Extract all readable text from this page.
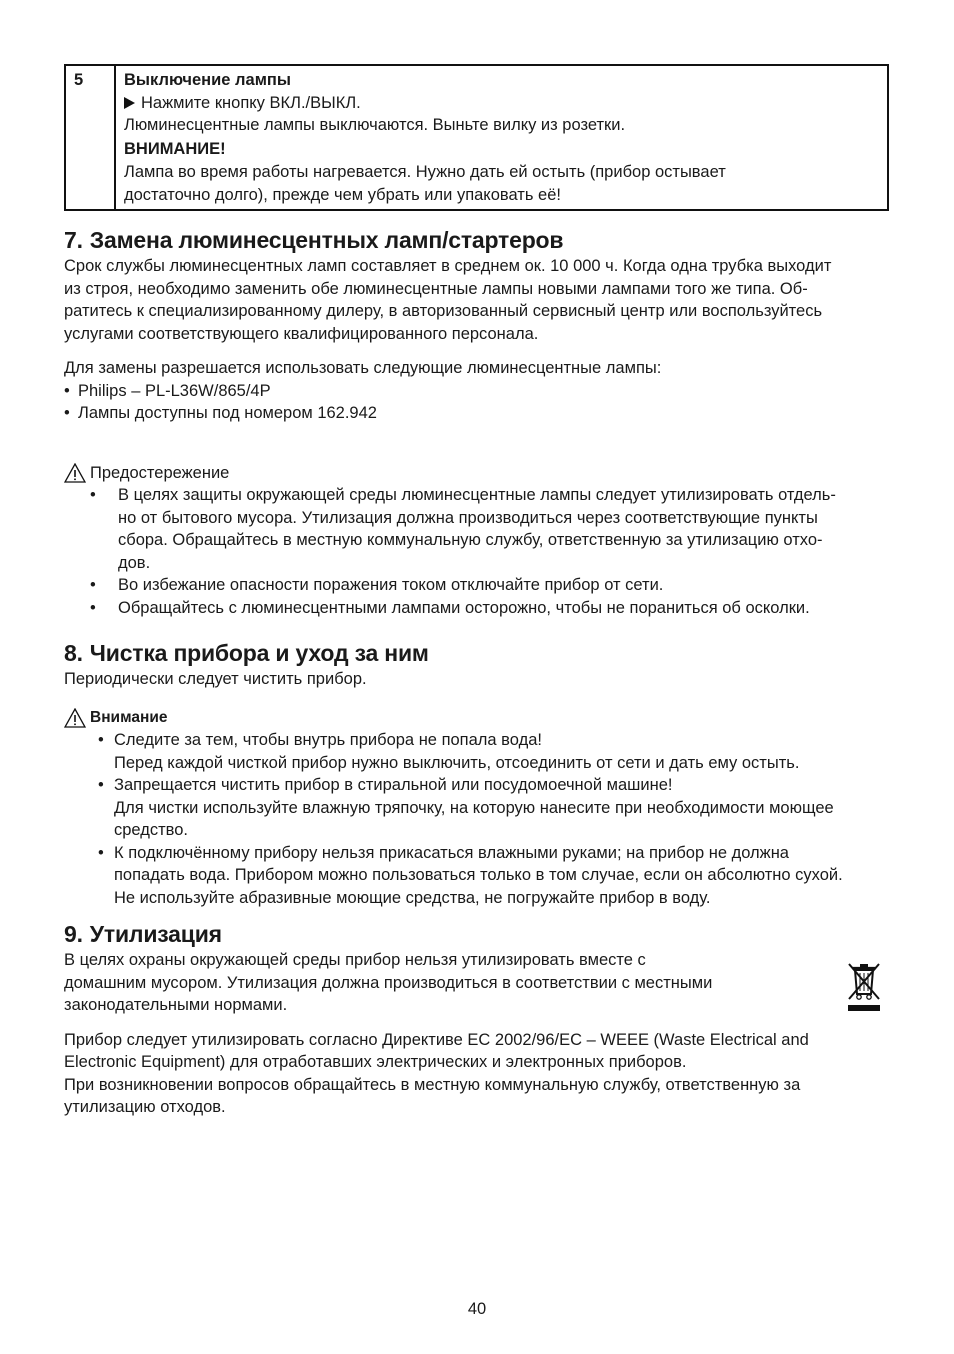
5	Выключение лампы
Нажмите кнопку ВКЛ./ВЫКЛ.
Люминесцентные лампы выключаются. Выньте вилку из розетки.
ВНИМАНИЕ!
Лампа во время работы нагревается. Нужно дать ей остыть (прибор остывает
достаточно долго), прежде чем убрать или упаковать её!
7. Замена люминесцентных ламп/стартеров

Срок службы люминесцентных ламп составляет в среднем ок. 10 000 ч. Когда одна трубка выходит
из строя, необходимо заменить обе люминесцентные лампы новыми лампами того же типа. Об-
ратитесь к специализированному дилеру, в авторизованный сервисный центр или воспользуйтесь
услугами соответствующего квалифицированного персонала.

Для замены разрешается использовать следующие люминесцентные лампы:

• Philips – PL-L36W/865/4P
• Лампы доступны под номером 162.942
Предостережение
• В целях защиты окружающей среды люминесцентные лампы следует утилизировать отдель-
но от бытового мусора. Утилизация должна производиться через соответствующие пункты
сбора. Обращайтесь в местную коммунальную службу, ответственную за утилизацию отхо-
дов.
• Во избежание опасности поражения током отключайте прибор от сети.
• Обращайтесь с люминесцентными лампами осторожно, чтобы не пораниться об осколки.
8. Чистка прибора и уход за ним

Периодически следует чистить прибор.

Внимание
• Следите за тем, чтобы внутрь прибора не попала вода!
Перед каждой чисткой прибор нужно выключить, отсоединить от сети и дать ему остыть.
• Запрещается чистить прибор в стиральной или посудомоечной машине!
Для чистки используйте влажную тряпочку, на которую нанесите при необходимости моющее
средство.
• К подключённому прибору нельзя прикасаться влажными руками; на прибор не должна
попадать вода. Прибором можно пользоваться только в том случае, если он абсолютно сухой.
Не используйте абразивные моющие средства, не погружайте прибор в воду.
9. Утилизация

В целях охраны окружающей среды прибор нельзя утилизировать вместе с
домашним мусором. Утилизация должна производиться в соответствии с местными
законодательными нормами.

Прибор следует утилизировать согласно Директиве ЕС 2002/96/EC – WEEE (Waste Electrical and
Electronic Equipment) для отработавших электрических и электронных приборов.
При возникновении вопросов обращайтесь в местную коммунальную службу, ответственную за
утилизацию отходов.

40
